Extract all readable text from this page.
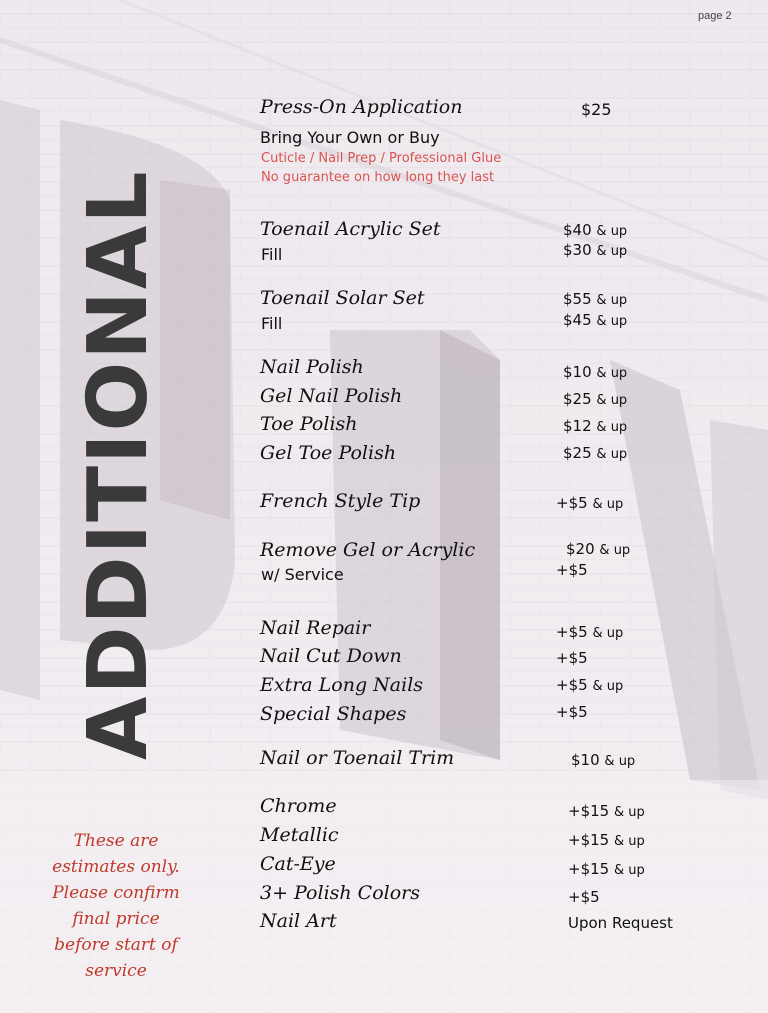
page 2
ADDITIONAL
These are estimates only. Please confirm final price before start of service
Press-On Application	$25
Bring Your Own or Buy
Cuticle / Nail Prep / Professional Glue
No guarantee on how long they last
Toenail Acrylic Set	$40 & up
Fill	$30 & up
Toenail Solar Set	$55 & up
Fill	$45 & up
Nail Polish	$10 & up
Gel Nail Polish	$25 & up
Toe Polish	$12 & up
Gel Toe Polish	$25 & up
French Style Tip	+$5 & up
Remove Gel or Acrylic	$20 & up
w/ Service	+$5
Nail Repair	+$5 & up
Nail Cut Down	+$5
Extra Long Nails	+$5 & up
Special Shapes	+$5
Nail or Toenail Trim	$10 & up
Chrome	+$15 & up
Metallic	+$15 & up
Cat-Eye	+$15 & up
3+ Polish Colors	+$5
Nail Art	Upon Request
